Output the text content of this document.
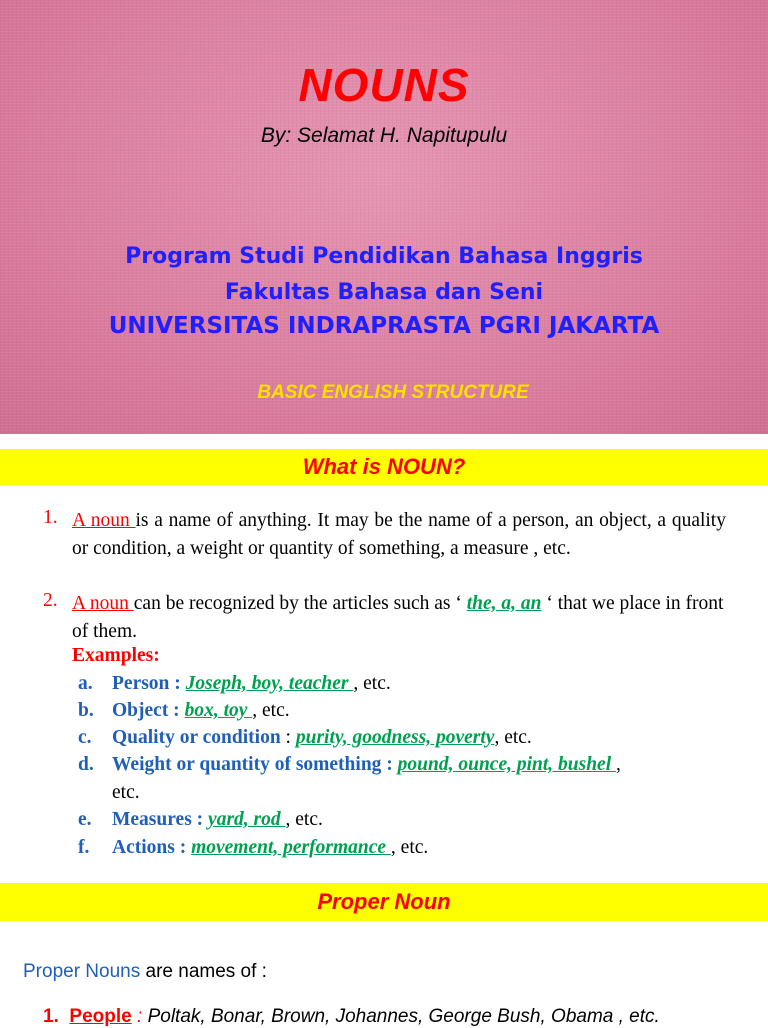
NOUNS
By: Selamat H. Napitupulu
Program Studi Pendidikan Bahasa Inggris
Fakultas Bahasa dan Seni
UNIVERSITAS INDRAPRASTA PGRI JAKARTA
BASIC ENGLISH STRUCTURE
What is NOUN?
1. A noun is a name of anything. It may be the name of a person, an object, a quality or condition, a weight or quantity of something, a measure , etc.
2. A noun can be recognized by the articles such as ‘ the, a, an ‘ that we place in front of them.
Examples:
a. Person : Joseph, boy, teacher , etc.
b. Object : box, toy , etc.
c. Quality or condition : purity, goodness, poverty, etc.
d. Weight or quantity of something : pound, ounce, pint, bushel ,
etc.
e. Measures : yard, rod , etc.
f. Actions : movement, performance , etc.
Proper Noun
Proper Nouns are names of :
1. People : Poltak, Bonar, Brown, Johannes, George Bush, Obama , etc.
